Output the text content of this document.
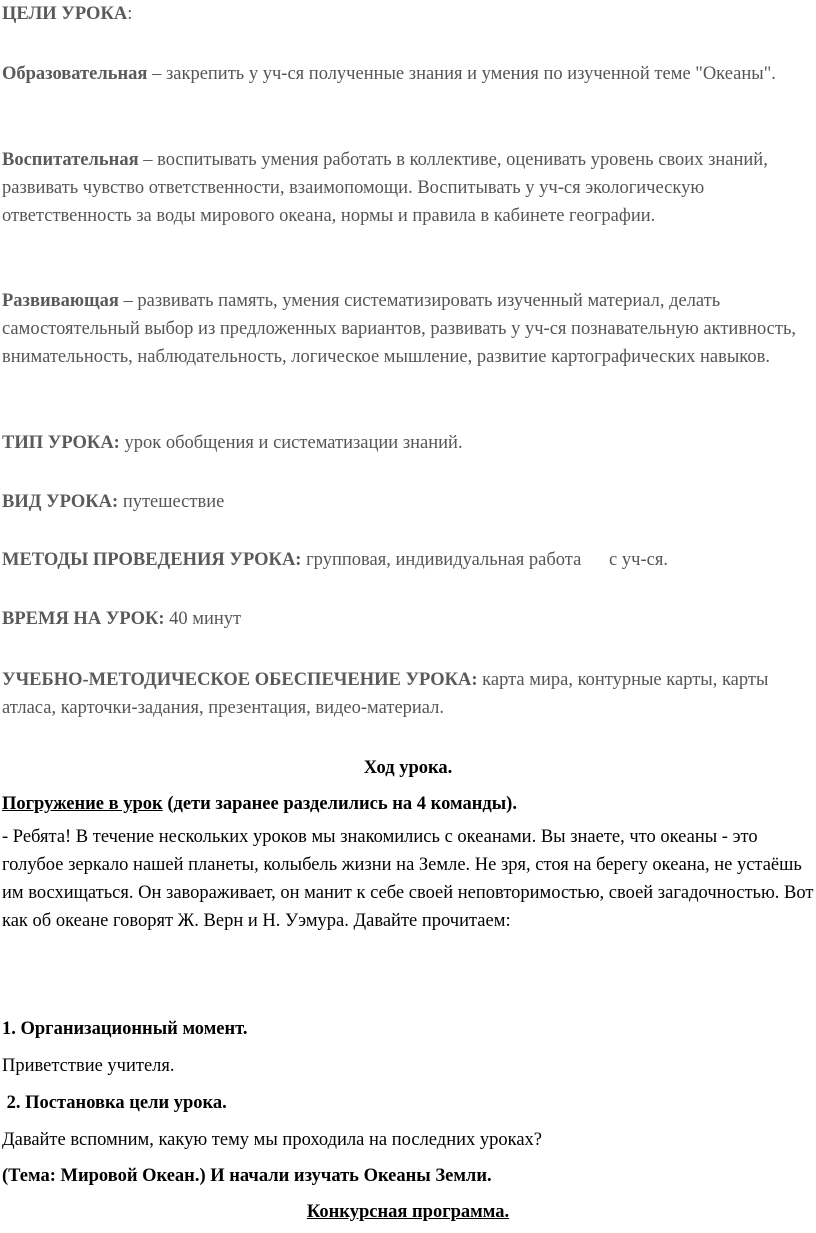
ЦЕЛИ УРОКА:

Образовательная – закрепить у уч-ся полученные знания и умения по изученной теме "Океаны".

Воспитательная – воспитывать умения работать в коллективе, оценивать уровень своих знаний, развивать чувство ответственности, взаимопомощи. Воспитывать у уч-ся экологическую ответственность за воды мирового океана, нормы и правила в кабинете географии.

Развивающая – развивать память, умения систематизировать изученный материал, делать самостоятельный выбор из предложенных вариантов, развивать у уч-ся познавательную активность, внимательность, наблюдательность, логическое мышление, развитие картографических навыков.

ТИП УРОКА: урок обобщения и систематизации знаний.

ВИД УРОКА: путешествие

МЕТОДЫ ПРОВЕДЕНИЯ УРОКА: групповая, индивидуальная работа      с уч-ся.

ВРЕМЯ НА УРОК: 40 минут

УЧЕБНО-МЕТОДИЧЕСКОЕ ОБЕСПЕЧЕНИЕ УРОКА: карта мира, контурные карты, карты атласа, карточки-задания, презентация, видео-материал.

Ход урока.

Погружение в урок (дети заранее разделились на 4 команды).

- Ребята! В течение нескольких уроков мы знакомились с океанами. Вы знаете, что океаны - это голубое зеркало нашей планеты, колыбель жизни на Земле. Не зря, стоя на берегу океана, не устаёшь им восхищаться. Он завораживает, он манит к себе своей неповторимостью, своей загадочностью. Вот как об океане говорят Ж. Верн и Н. Уэмура. Давайте прочитаем:

1. Организационный момент.

Приветствие учителя.

2. Постановка цели урока.

Давайте вспомним, какую тему мы проходила на последних уроках?

(Тема: Мировой Океан.) И начали изучать Океаны Земли.

Конкурсная программа.
